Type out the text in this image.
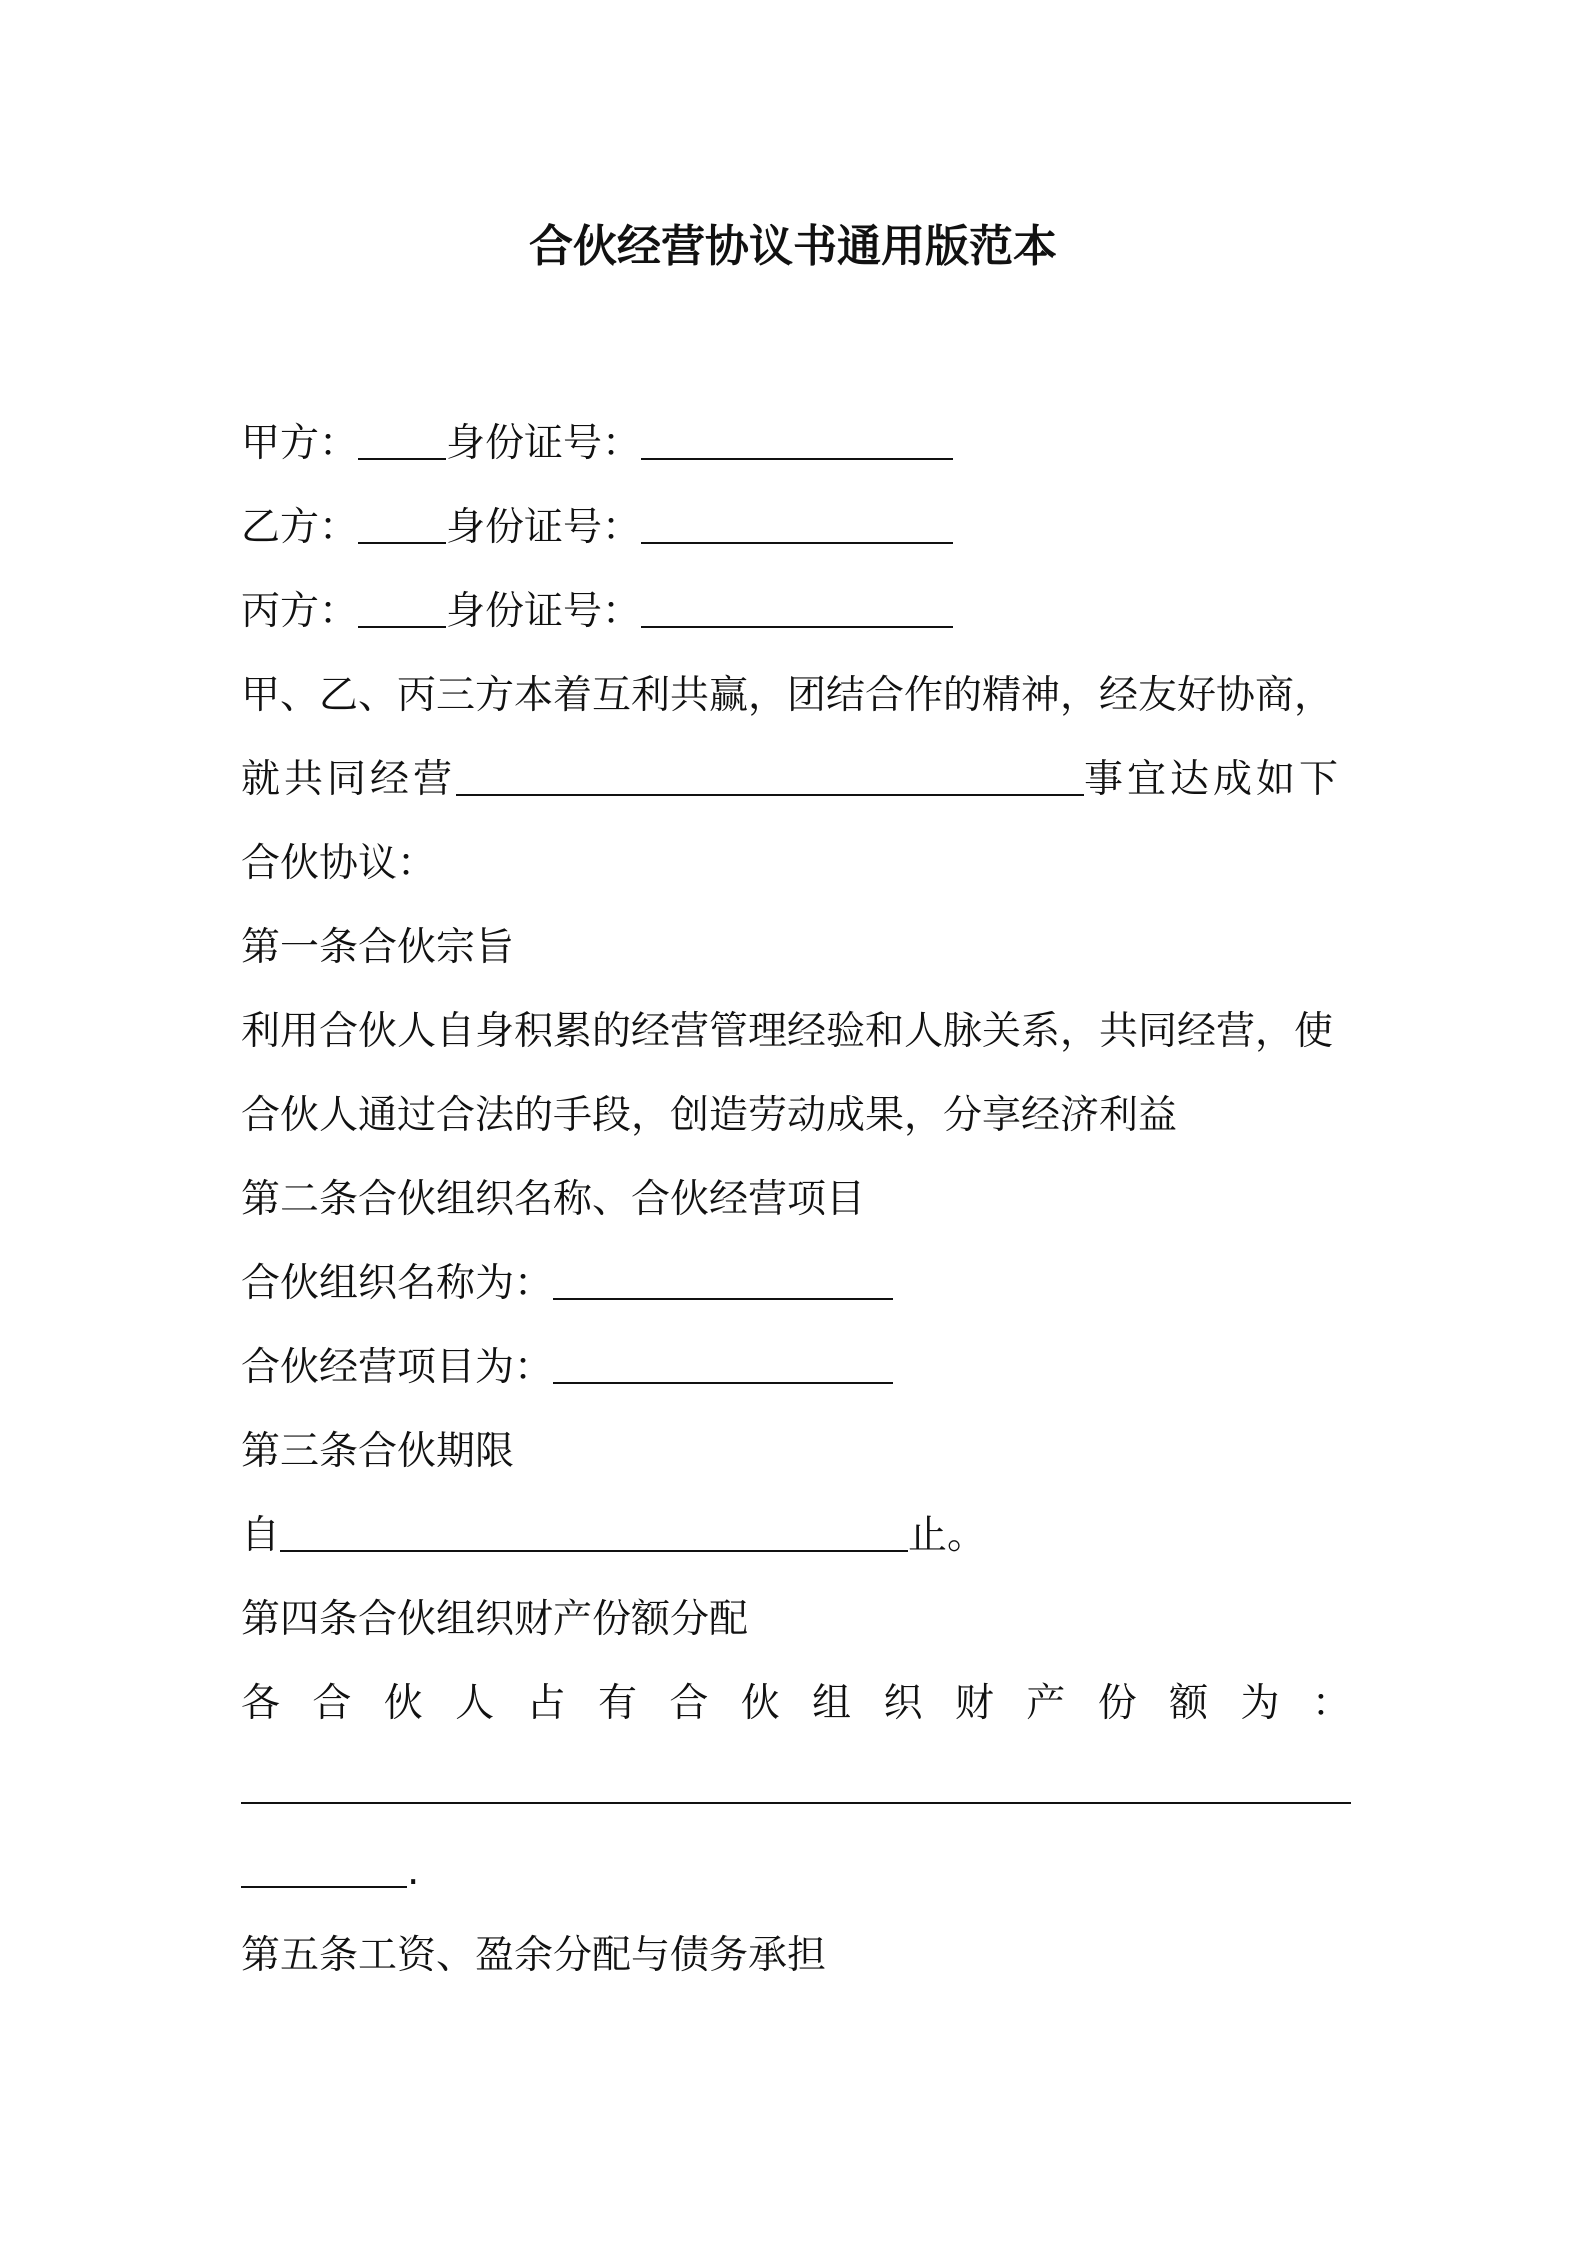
合伙经营协议书通用版范本
甲方： 身份证号：
乙方： 身份证号：
丙方： 身份证号：
甲、乙、丙三方本着互利共赢，团结合作的精神，经友好协商，
就共同经营	事宜达成如下
合伙协议：
第一条合伙宗旨
利用合伙人自身积累的经营管理经验和人脉关系，共同经营，使
合伙人通过合法的手段，创造劳动成果，分享经济利益
第二条合伙组织名称、合伙经营项目
合伙组织名称为：
合伙经营项目为：
第三条合伙期限
自	止。
第四条合伙组织财产份额分配
各 合 伙 人 占 有 合 伙 组 织 财 产 份 额 为 ：
.
第五条工资、盈余分配与债务承担
